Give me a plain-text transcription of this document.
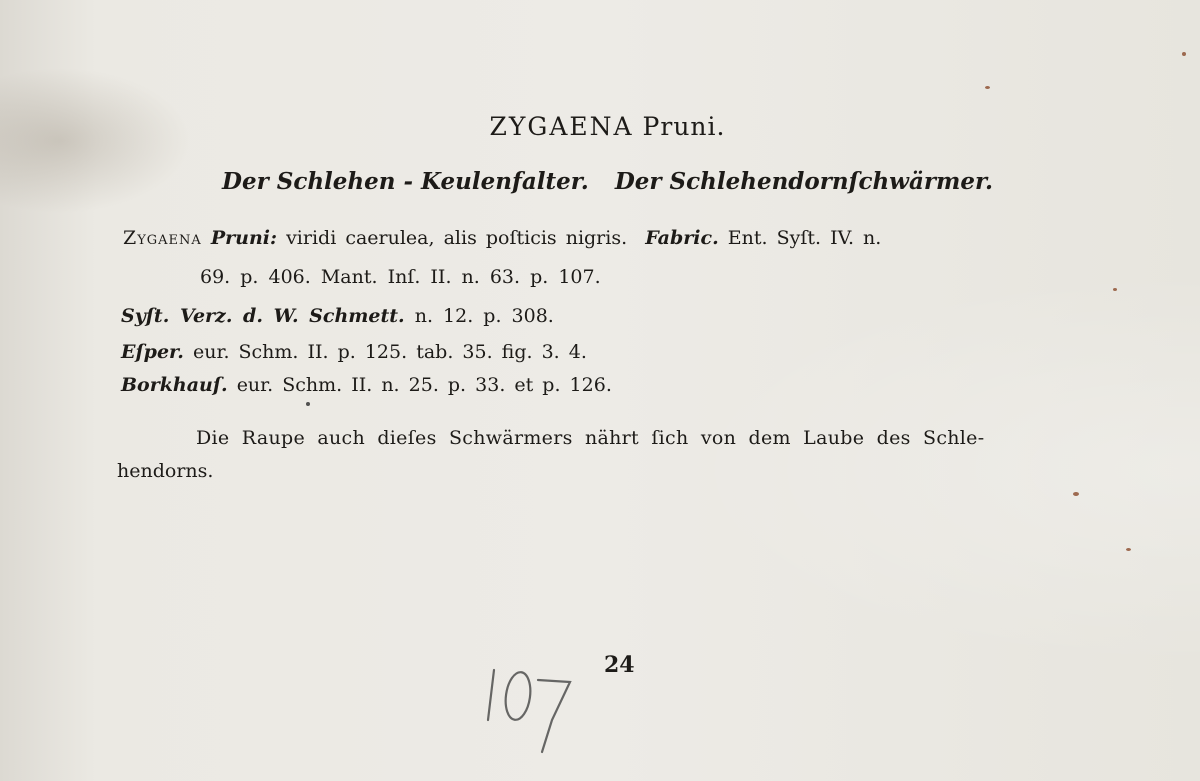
ZYGAENA Pruni.
Der Schlehen - Keulenfalter. Der Schlehendornſchwärmer.
Zygaena Pruni: viridi caerulea, alis poſticis nigris. Fabric. Ent. Syſt. IV. n.
69. p. 406. Mant. Inſ. II. n. 63. p. 107.
Syſt. Verz. d. W. Schmett. n. 12. p. 308.
Eſper. eur. Schm. II. p. 125. tab. 35. fig. 3. 4.
Borkhauſ. eur. Schm. II. n. 25. p. 33. et p. 126.
Die Raupe auch dieſes Schwärmers nährt ſich von dem Laube des Schle-
hendorns.
24
